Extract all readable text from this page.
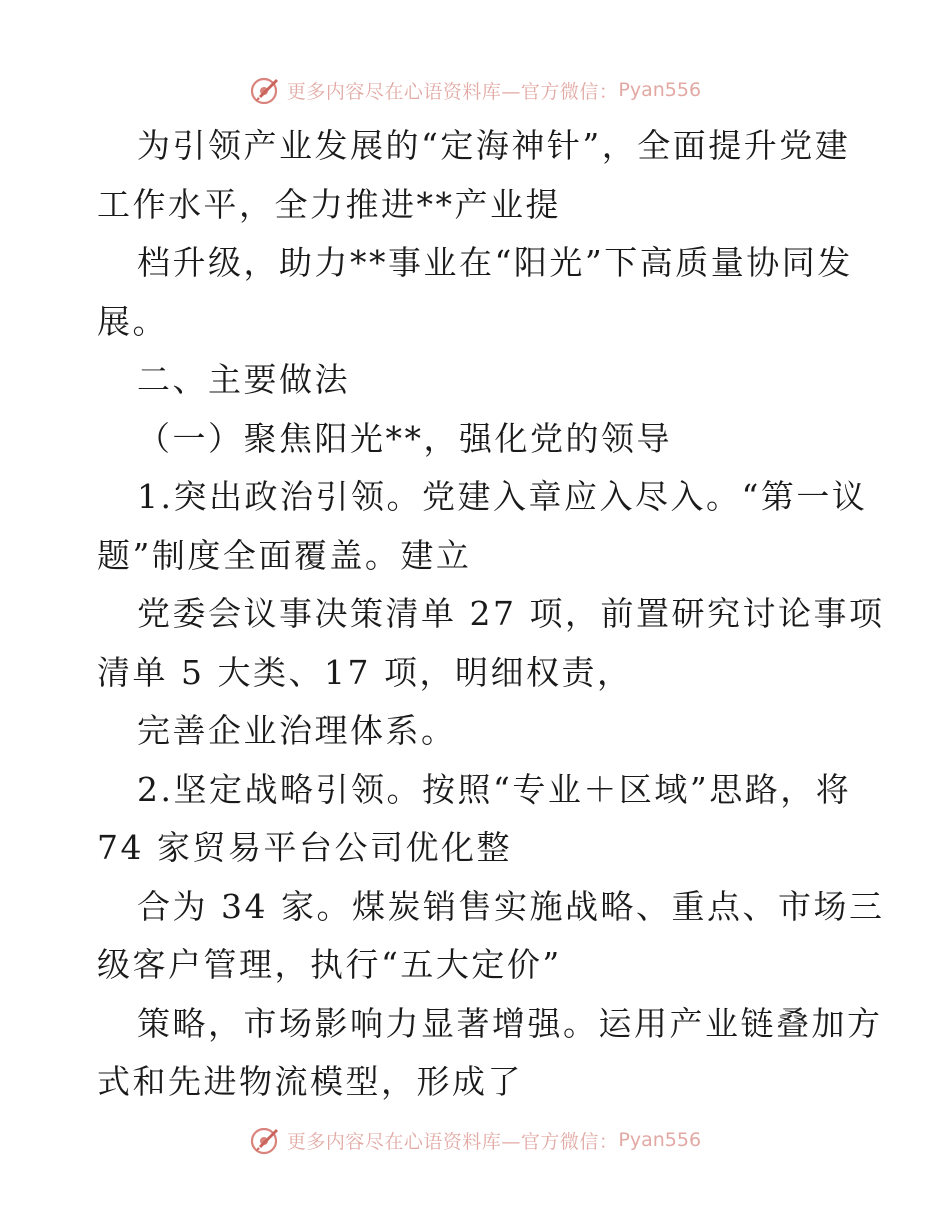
更多内容尽在心语资料库—官方微信： Pyan556
为引领产业发展的“定海神针”，全面提升党建
工作水平，全力推进**产业提
档升级，助力**事业在“阳光”下高质量协同发
展。
二、主要做法
（一）聚焦阳光**，强化党的领导
1.突出政治引领。党建入章应入尽入。“第一议
题”制度全面覆盖。建立
党委会议事决策清单 27 项，前置研究讨论事项
清单 5 大类、17 项，明细权责，
完善企业治理体系。
2.坚定战略引领。按照“专业＋区域”思路，将
74 家贸易平台公司优化整
合为 34 家。煤炭销售实施战略、重点、市场三
级客户管理，执行“五大定价”
策略，市场影响力显著增强。运用产业链叠加方
式和先进物流模型，形成了
更多内容尽在心语资料库—官方微信： Pyan556
